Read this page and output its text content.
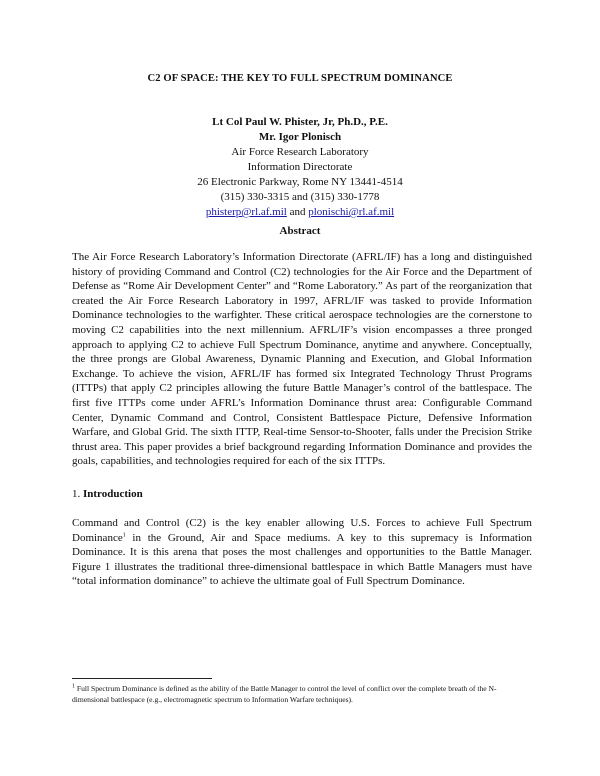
C2 OF SPACE: THE KEY TO FULL SPECTRUM DOMINANCE
Lt Col Paul W. Phister, Jr, Ph.D., P.E.
Mr. Igor Plonisch
Air Force Research Laboratory
Information Directorate
26 Electronic Parkway, Rome NY 13441-4514
(315) 330-3315 and (315) 330-1778
phisterp@rl.af.mil and plonischi@rl.af.mil
Abstract

The Air Force Research Laboratory’s Information Directorate (AFRL/IF) has a long and distinguished history of providing Command and Control (C2) technologies for the Air Force and the Department of Defense as “Rome Air Development Center” and “Rome Laboratory.” As part of the reorganization that created the Air Force Research Laboratory in 1997, AFRL/IF was tasked to provide Information Dominance technologies to the warfighter. These critical aerospace technologies are the cornerstone to moving C2 capabilities into the next millennium. AFRL/IF’s vision encompasses a three pronged approach to applying C2 to achieve Full Spectrum Dominance, anytime and anywhere. Conceptually, the three prongs are Global Awareness, Dynamic Planning and Execution, and Global Information Exchange. To achieve the vision, AFRL/IF has formed six Integrated Technology Thrust Programs (ITTPs) that apply C2 principles allowing the future Battle Manager’s control of the battlespace. The first five ITTPs come under AFRL’s Information Dominance thrust area: Configurable Command Center, Dynamic Command and Control, Consistent Battlespace Picture, Defensive Information Warfare, and Global Grid. The sixth ITTP, Real-time Sensor-to-Shooter, falls under the Precision Strike thrust area. This paper provides a brief background regarding Information Dominance and provides the goals, capabilities, and technologies required for each of the six ITTPs.

1. Introduction

Command and Control (C2) is the key enabler allowing U.S. Forces to achieve Full Spectrum Dominance$^1$ in the Ground, Air and Space mediums. A key to this supremacy is Information Dominance. It is this arena that poses the most challenges and opportunities to the Battle Manager. Figure 1 illustrates the traditional three-dimensional battlespace in which Battle Managers must have “total information dominance” to achieve the ultimate goal of Full Spectrum Dominance.

$^1$ Full Spectrum Dominance is defined as the ability of the Battle Manager to control the level of conflict over the complete breath of the N-dimensional battlespace (e.g., electromagnetic spectrum to Information Warfare techniques).
